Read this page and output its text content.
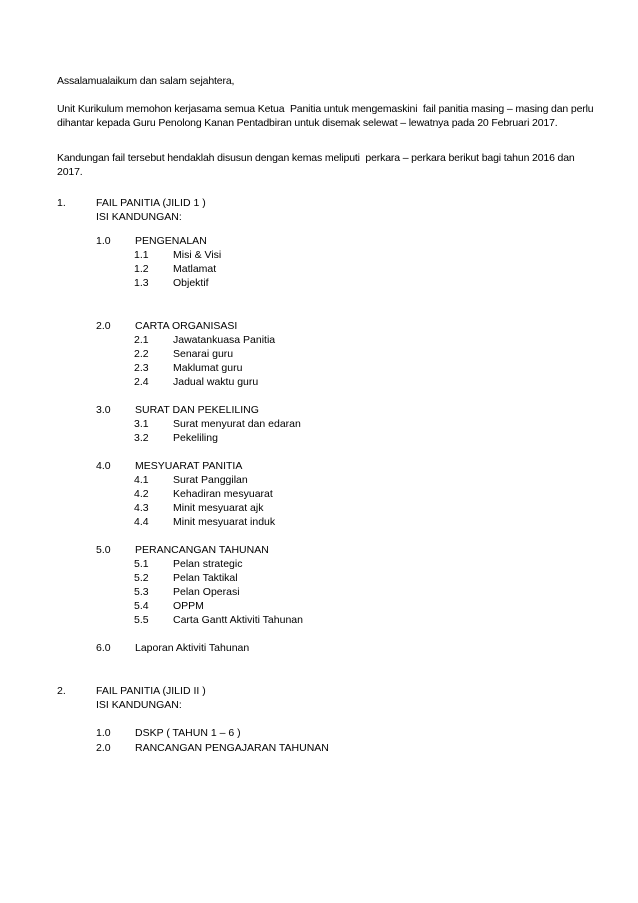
Assalamualaikum dan salam sejahtera,
Unit Kurikulum memohon kerjasama semua Ketua  Panitia untuk mengemaskini  fail panitia masing – masing dan perlu dihantar kepada Guru Penolong Kanan Pentadbiran untuk disemak selewat – lewatnya pada 20 Februari 2017.
Kandungan fail tersebut hendaklah disusun dengan kemas meliputi  perkara – perkara berikut bagi tahun 2016 dan 2017.
1.	FAIL PANITIA (JILID 1 )
ISI KANDUNGAN:
1.0 PENGENALAN
1.1 Misi & Visi
1.2 Matlamat
1.3 Objektif
2.0 CARTA ORGANISASI
2.1 Jawatankuasa Panitia
2.2 Senarai guru
2.3 Maklumat guru
2.4 Jadual waktu guru
3.0 SURAT DAN PEKELILING
3.1 Surat menyurat dan edaran
3.2 Pekeliling
4.0 MESYUARAT PANITIA
4.1 Surat Panggilan
4.2 Kehadiran mesyuarat
4.3 Minit mesyuarat ajk
4.4 Minit mesyuarat induk
5.0 PERANCANGAN TAHUNAN
5.1 Pelan strategic
5.2 Pelan Taktikal
5.3 Pelan Operasi
5.4 OPPM
5.5 Carta Gantt Aktiviti Tahunan
6.0 Laporan Aktiviti Tahunan
2.	FAIL PANITIA (JILID II )
ISI KANDUNGAN:
1.0 DSKP ( TAHUN 1 – 6 )
2.0 RANCANGAN PENGAJARAN TAHUNAN
